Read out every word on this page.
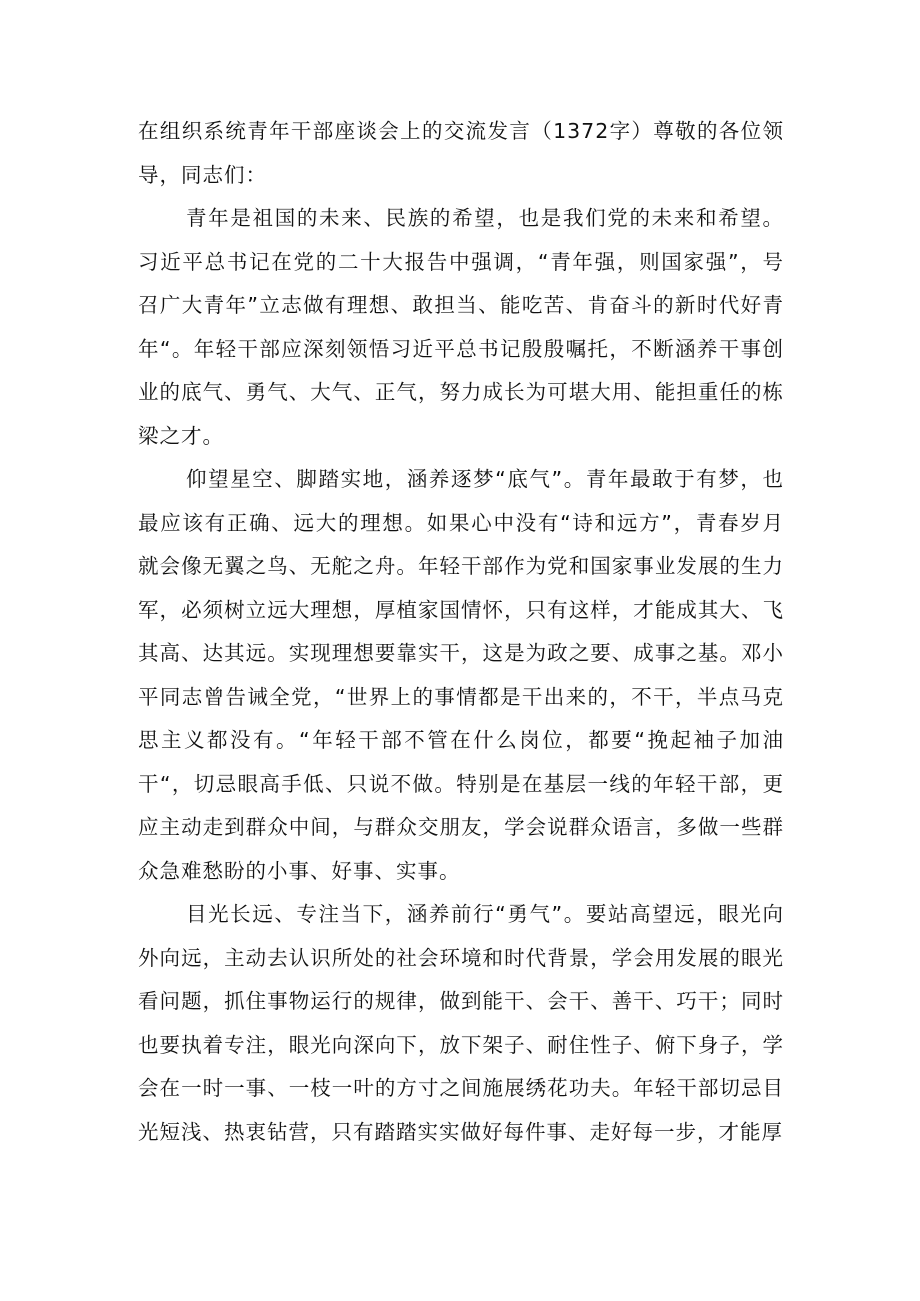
在组织系统青年干部座谈会上的交流发言（1372字）尊敬的各位领导，同志们：

青年是祖国的未来、民族的希望，也是我们党的未来和希望。习近平总书记在党的二十大报告中强调，“青年强，则国家强”，号召广大青年”立志做有理想、敢担当、能吃苦、肯奋斗的新时代好青年“。年轻干部应深刻领悟习近平总书记殷殷嘱托，不断涵养干事创业的底气、勇气、大气、正气，努力成长为可堪大用、能担重任的栋梁之才。

仰望星空、脚踏实地，涵养逐梦“底气”。青年最敢于有梦，也最应该有正确、远大的理想。如果心中没有“诗和远方”，青春岁月就会像无翼之鸟、无舵之舟。年轻干部作为党和国家事业发展的生力军，必须树立远大理想，厚植家国情怀，只有这样，才能成其大、飞其高、达其远。实现理想要靠实干，这是为政之要、成事之基。邓小平同志曾告诫全党，“世界上的事情都是干出来的，不干，半点马克思主义都没有。“年轻干部不管在什么岗位，都要“挽起袖子加油干“，切忌眼高手低、只说不做。特别是在基层一线的年轻干部，更应主动走到群众中间，与群众交朋友，学会说群众语言，多做一些群众急难愁盼的小事、好事、实事。

目光长远、专注当下，涵养前行“勇气”。要站高望远，眼光向外向远，主动去认识所处的社会环境和时代背景，学会用发展的眼光看问题，抓住事物运行的规律，做到能干、会干、善干、巧干；同时也要执着专注，眼光向深向下，放下架子、耐住性子、俯下身子，学会在一时一事、一枝一叶的方寸之间施展绣花功夫。年轻干部切忌目光短浅、热衷钻营，只有踏踏实实做好每件事、走好每一步，才能厚
